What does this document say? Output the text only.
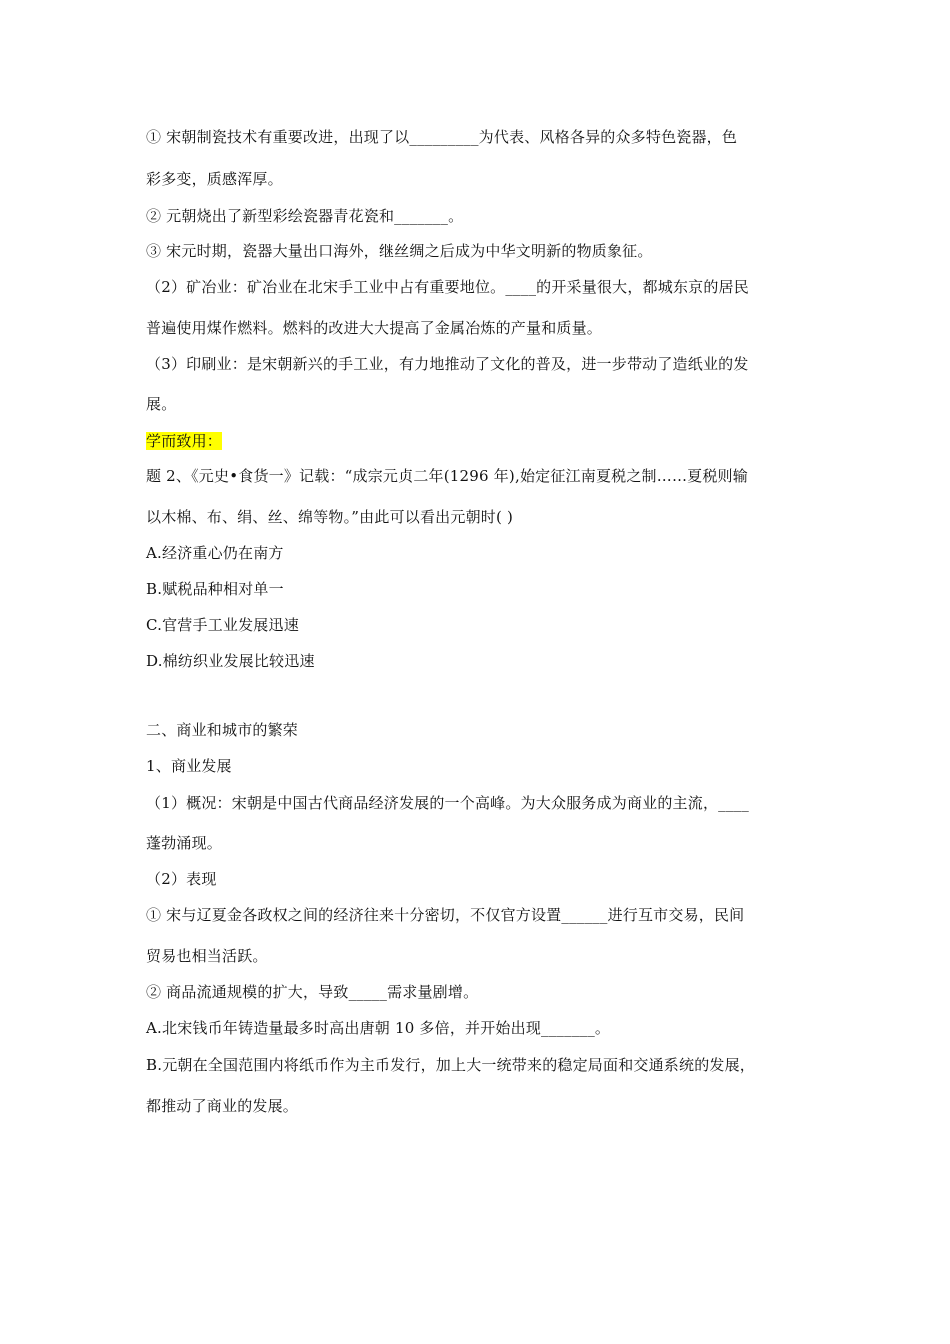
① 宋朝制瓷技术有重要改进，出现了以_________为代表、风格各异的众多特色瓷器，色
彩多变，质感浑厚。
② 元朝烧出了新型彩绘瓷器青花瓷和_______。
③ 宋元时期，瓷器大量出口海外，继丝绸之后成为中华文明新的物质象征。
（2）矿冶业：矿冶业在北宋手工业中占有重要地位。____的开采量很大，都城东京的居民
普遍使用煤作燃料。燃料的改进大大提高了金属冶炼的产量和质量。
（3）印刷业：是宋朝新兴的手工业，有力地推动了文化的普及，进一步带动了造纸业的发
展。
学而致用：
题 2、《元史•食货一》记载：“成宗元贞二年(1296 年),始定征江南夏税之制……夏税则输
以木棉、布、绢、丝、绵等物。”由此可以看出元朝时( )
A.经济重心仍在南方
B.赋税品种相对单一
C.官营手工业发展迅速
D.棉纺织业发展比较迅速
二、商业和城市的繁荣
1、商业发展
（1）概况：宋朝是中国古代商品经济发展的一个高峰。为大众服务成为商业的主流，____
蓬勃涌现。
（2）表现
① 宋与辽夏金各政权之间的经济往来十分密切，不仅官方设置______进行互市交易，民间
贸易也相当活跃。
② 商品流通规模的扩大，导致_____需求量剧增。
A.北宋钱币年铸造量最多时高出唐朝 10 多倍，并开始出现_______。
B.元朝在全国范围内将纸币作为主币发行，加上大一统带来的稳定局面和交通系统的发展，
都推动了商业的发展。
